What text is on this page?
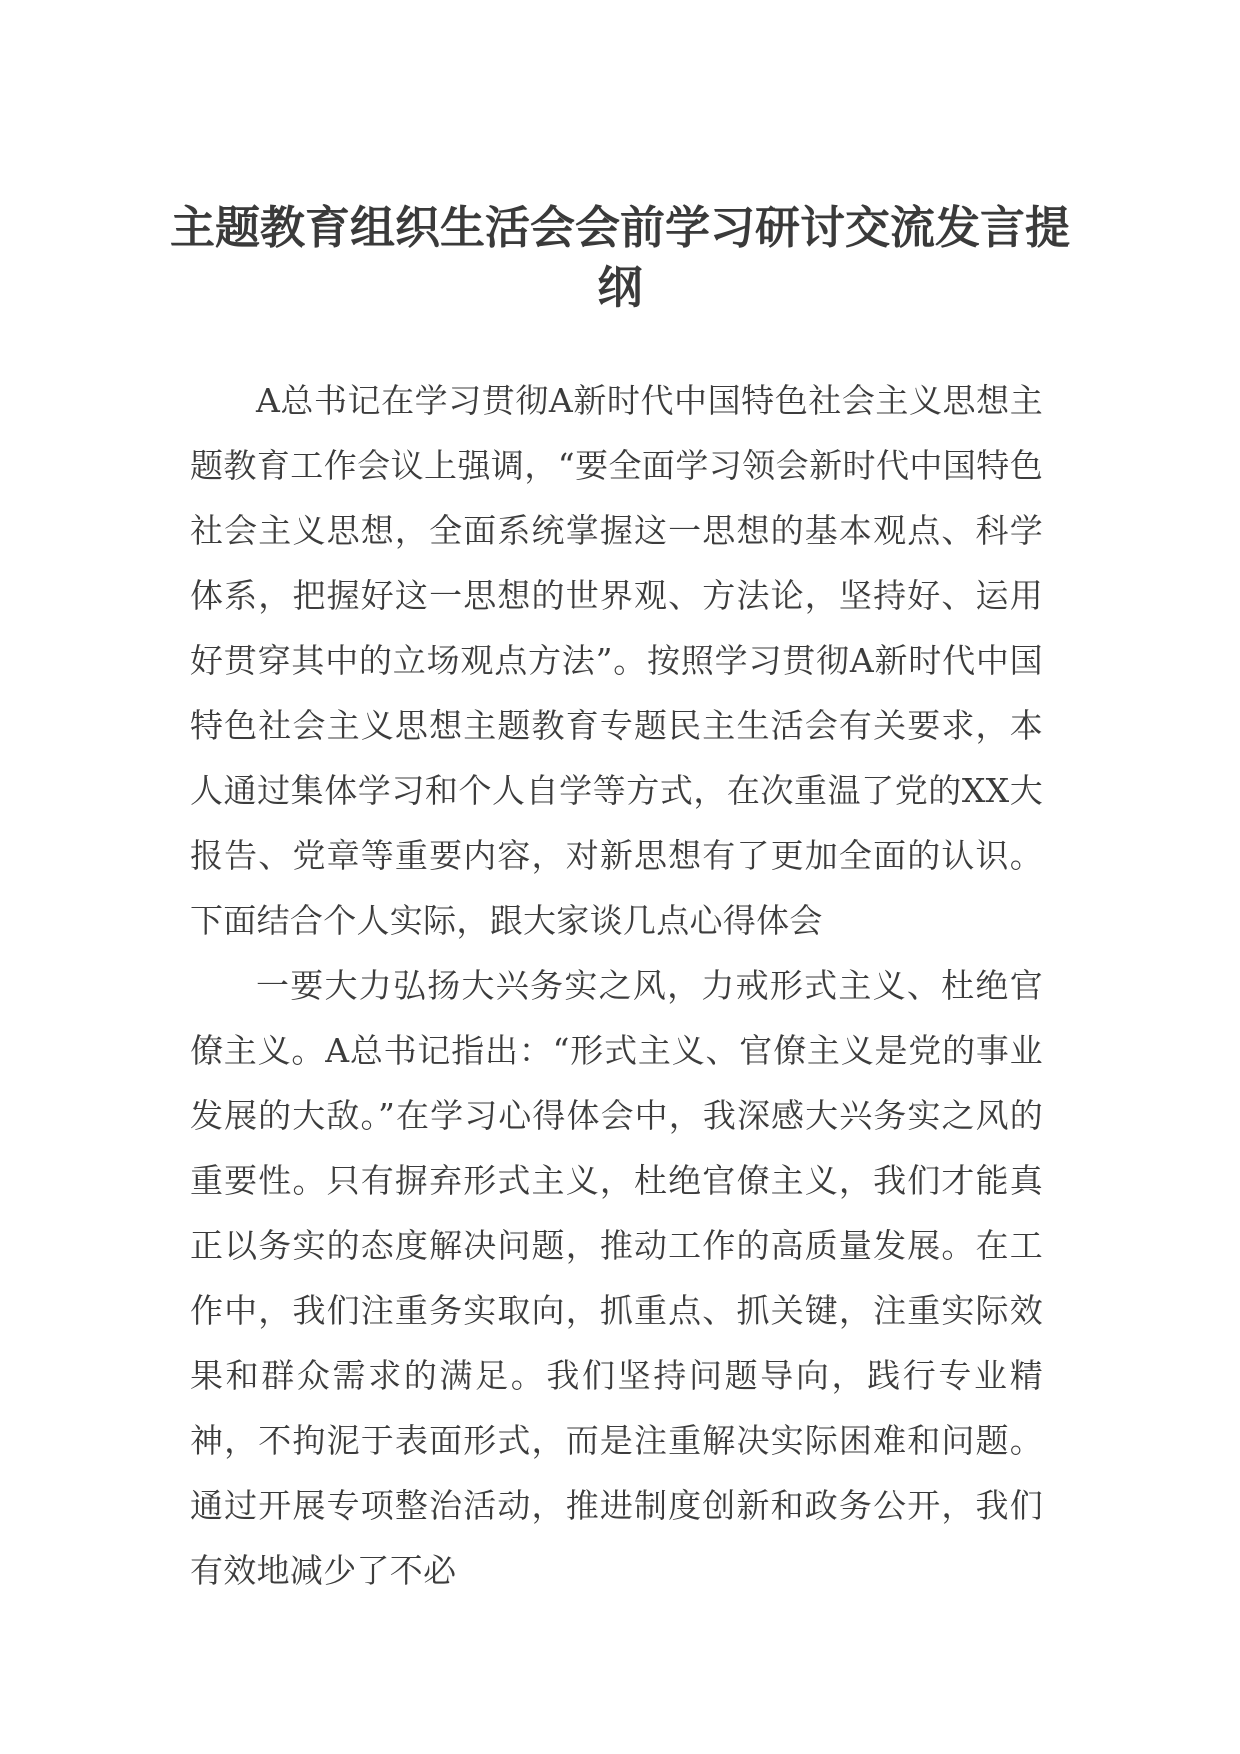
主题教育组织生活会会前学习研讨交流发言提纲

A总书记在学习贯彻A新时代中国特色社会主义思想主题教育工作会议上强调，“要全面学习领会新时代中国特色社会主义思想，全面系统掌握这一思想的基本观点、科学体系，把握好这一思想的世界观、方法论，坚持好、运用好贯穿其中的立场观点方法”。按照学习贯彻A新时代中国特色社会主义思想主题教育专题民主生活会有关要求，本人通过集体学习和个人自学等方式，在次重温了党的XX大报告、党章等重要内容，对新思想有了更加全面的认识。下面结合个人实际，跟大家谈几点心得体会

一要大力弘扬大兴务实之风，力戒形式主义、杜绝官僚主义。A总书记指出：“形式主义、官僚主义是党的事业发展的大敌。”在学习心得体会中，我深感大兴务实之风的重要性。只有摒弃形式主义，杜绝官僚主义，我们才能真正以务实的态度解决问题，推动工作的高质量发展。在工作中，我们注重务实取向，抓重点、抓关键，注重实际效果和群众需求的满足。我们坚持问题导向，践行专业精神，不拘泥于表面形式，而是注重解决实际困难和问题。通过开展专项整治活动，推进制度创新和政务公开，我们有效地减少了不必
